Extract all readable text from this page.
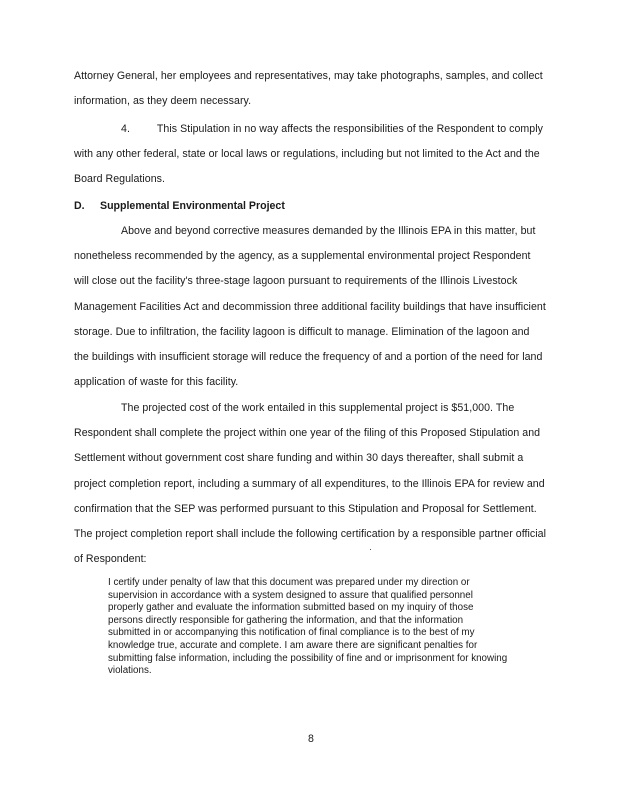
Attorney General, her employees and representatives, may take photographs, samples, and collect information, as they deem necessary.

4.         This Stipulation in no way affects the responsibilities of the Respondent to comply with any other federal, state or local laws or regulations, including but not limited to the Act and the Board Regulations.

D. Supplemental Environmental Project

Above and beyond corrective measures demanded by the Illinois EPA in this matter, but nonetheless recommended by the agency, as a supplemental environmental project Respondent will close out the facility's three-stage lagoon pursuant to requirements of the Illinois Livestock Management Facilities Act and decommission three additional facility buildings that have insufficient storage. Due to infiltration, the facility lagoon is difficult to manage. Elimination of the lagoon and the buildings with insufficient storage will reduce the frequency of and a portion of the need for land application of waste for this facility.

The projected cost of the work entailed in this supplemental project is $51,000. The Respondent shall complete the project within one year of the filing of this Proposed Stipulation and Settlement without government cost share funding and within 30 days thereafter, shall submit a project completion report, including a summary of all expenditures, to the Illinois EPA for review and confirmation that the SEP was performed pursuant to this Stipulation and Proposal for Settlement. The project completion report shall include the following certification by a responsible partner official of Respondent:

I certify under penalty of law that this document was prepared under my direction or supervision in accordance with a system designed to assure that qualified personnel properly gather and evaluate the information submitted based on my inquiry of those persons directly responsible for gathering the information, and that the information submitted in or accompanying this notification of final compliance is to the best of my knowledge true, accurate and complete. I am aware there are significant penalties for submitting false information, including the possibility of fine and or imprisonment for knowing violations.

8
